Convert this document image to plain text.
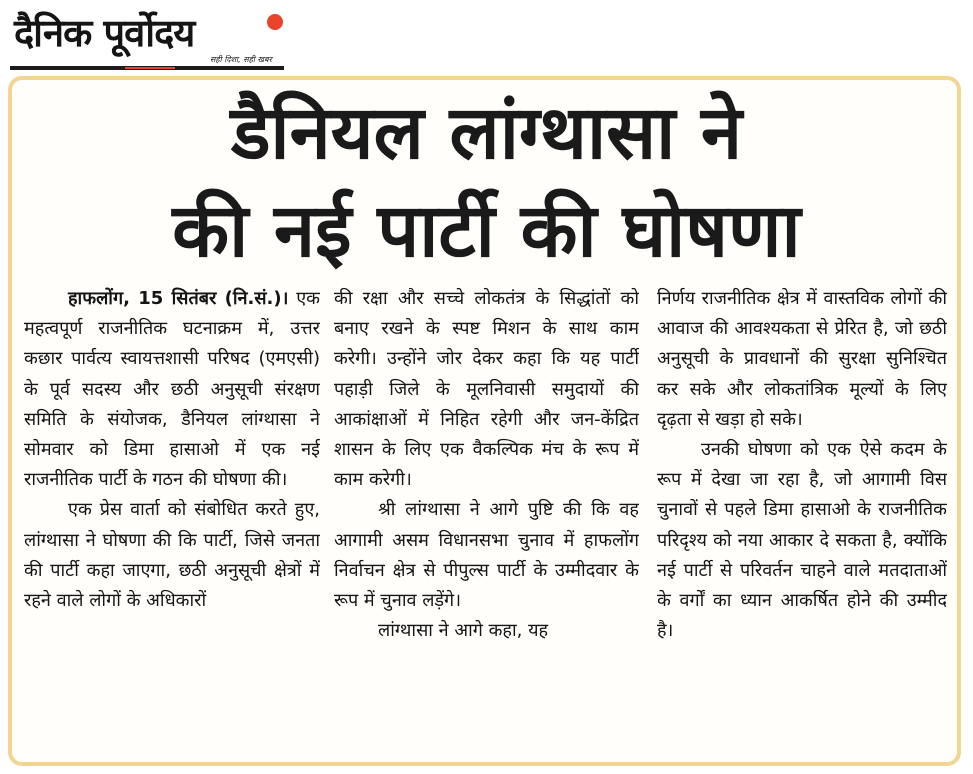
दैनिक पूर्वोदय
सही दिशा, सही खबर
डैनियल लांग्थासा ने
की नई पार्टी की घोषणा

हाफलोंग, 15 सितंबर (नि.सं.)। एक महत्वपूर्ण राजनीतिक घटनाक्रम में, उत्तर कछार पार्वत्य स्वायत्तशासी परिषद (एमएसी) के पूर्व सदस्य और छठी अनुसूची संरक्षण समिति के संयोजक, डैनियल लांग्थासा ने सोमवार को डिमा हासाओ में एक नई राजनीतिक पार्टी के गठन की घोषणा की।

एक प्रेस वार्ता को संबोधित करते हुए, लांग्थासा ने घोषणा की कि पार्टी, जिसे जनता की पार्टी कहा जाएगा, छठी अनुसूची क्षेत्रों में रहने वाले लोगों के अधिकारों

की रक्षा और सच्चे लोकतंत्र के सिद्धांतों को बनाए रखने के स्पष्ट मिशन के साथ काम करेगी। उन्होंने जोर देकर कहा कि यह पार्टी पहाड़ी जिले के मूलनिवासी समुदायों की आकांक्षाओं में निहित रहेगी और जन-केंद्रित शासन के लिए एक वैकल्पिक मंच के रूप में काम करेगी।

श्री लांग्थासा ने आगे पुष्टि की कि वह आगामी असम विधानसभा चुनाव में हाफलोंग निर्वाचन क्षेत्र से पीपुल्स पार्टी के उम्मीदवार के रूप में चुनाव लड़ेंगे।

लांग्थासा ने आगे कहा, यह

निर्णय राजनीतिक क्षेत्र में वास्तविक लोगों की आवाज की आवश्यकता से प्रेरित है, जो छठी अनुसूची के प्रावधानों की सुरक्षा सुनिश्चित कर सके और लोकतांत्रिक मूल्यों के लिए दृढ़ता से खड़ा हो सके।

उनकी घोषणा को एक ऐसे कदम के रूप में देखा जा रहा है, जो आगामी विस चुनावों से पहले डिमा हासाओ के राजनीतिक परिदृश्य को नया आकार दे सकता है, क्योंकि नई पार्टी से परिवर्तन चाहने वाले मतदाताओं के वर्गों का ध्यान आकर्षित होने की उम्मीद है।
